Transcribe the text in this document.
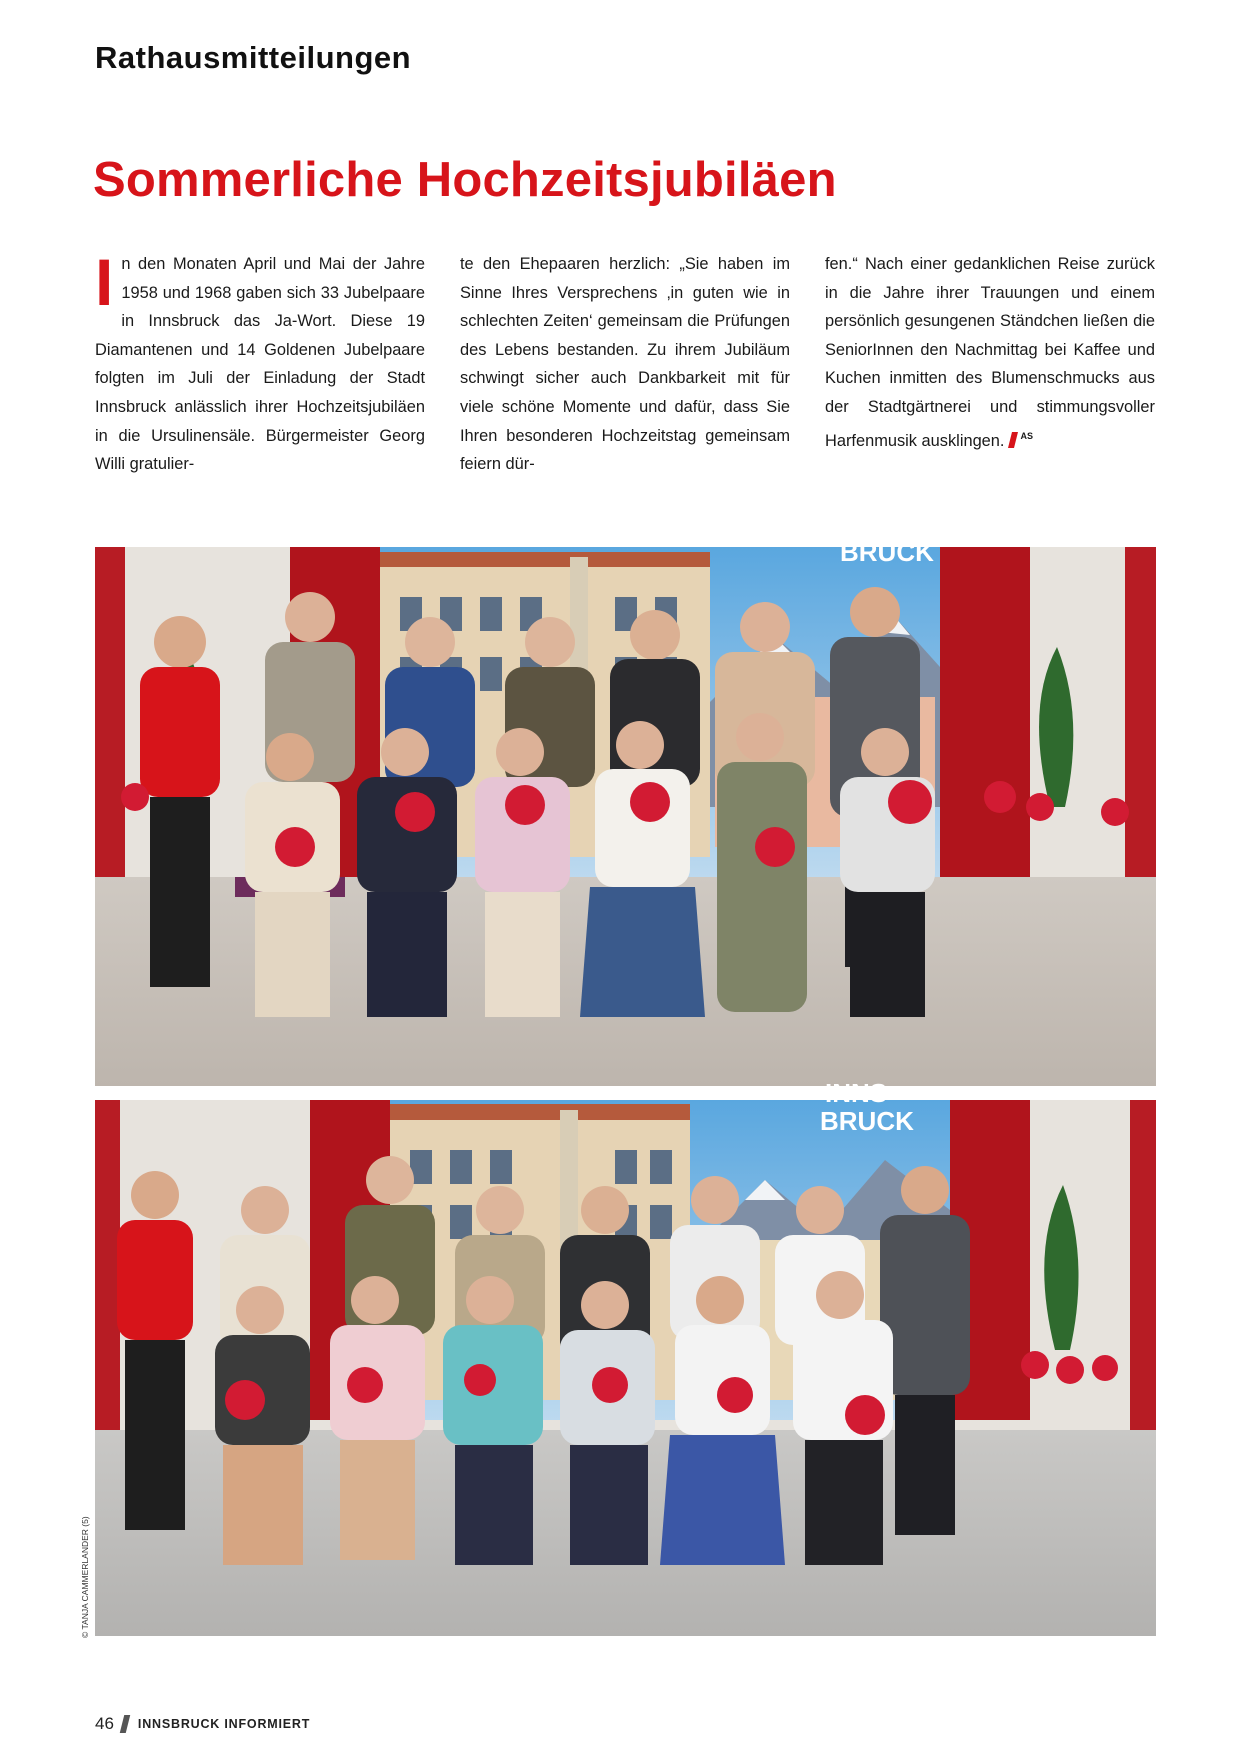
Rathausmitteilungen
Sommerliche Hochzeitsjubiläen

In den Monaten April und Mai der Jahre 1958 und 1968 gaben sich 33 Jubelpaare in Innsbruck das Ja-Wort. Diese 19 Diamantenen und 14 Goldenen Jubelpaare folgten im Juli der Einladung der Stadt Innsbruck anlässlich ihrer Hochzeitsjubiläen in die Ursulinensäle. Bürgermeister Georg Willi gratulier-

te den Ehepaaren herzlich: „Sie haben im Sinne Ihres Versprechens ‚in guten wie in schlechten Zeiten‘ gemeinsam die Prüfungen des Lebens bestanden. Zu ihrem Jubiläum schwingt sicher auch Dankbarkeit mit für viele schöne Momente und dafür, dass Sie Ihren besonderen Hochzeitstag gemeinsam feiern dür-

fen.“ Nach einer gedanklichen Reise zurück in die Jahre ihrer Trauungen und einem persönlich gesungenen Ständchen ließen die SeniorInnen den Nachmittag bei Kaffee und Kuchen inmitten des Blumenschmucks aus der Stadtgärtnerei und stimmungsvoller Harfenmusik ausklingen. $^{AS}$

BRUCK
INNS
BRUCK
© TANJA CAMMERLANDER (5)
46 INNSBRUCK INFORMIERT
